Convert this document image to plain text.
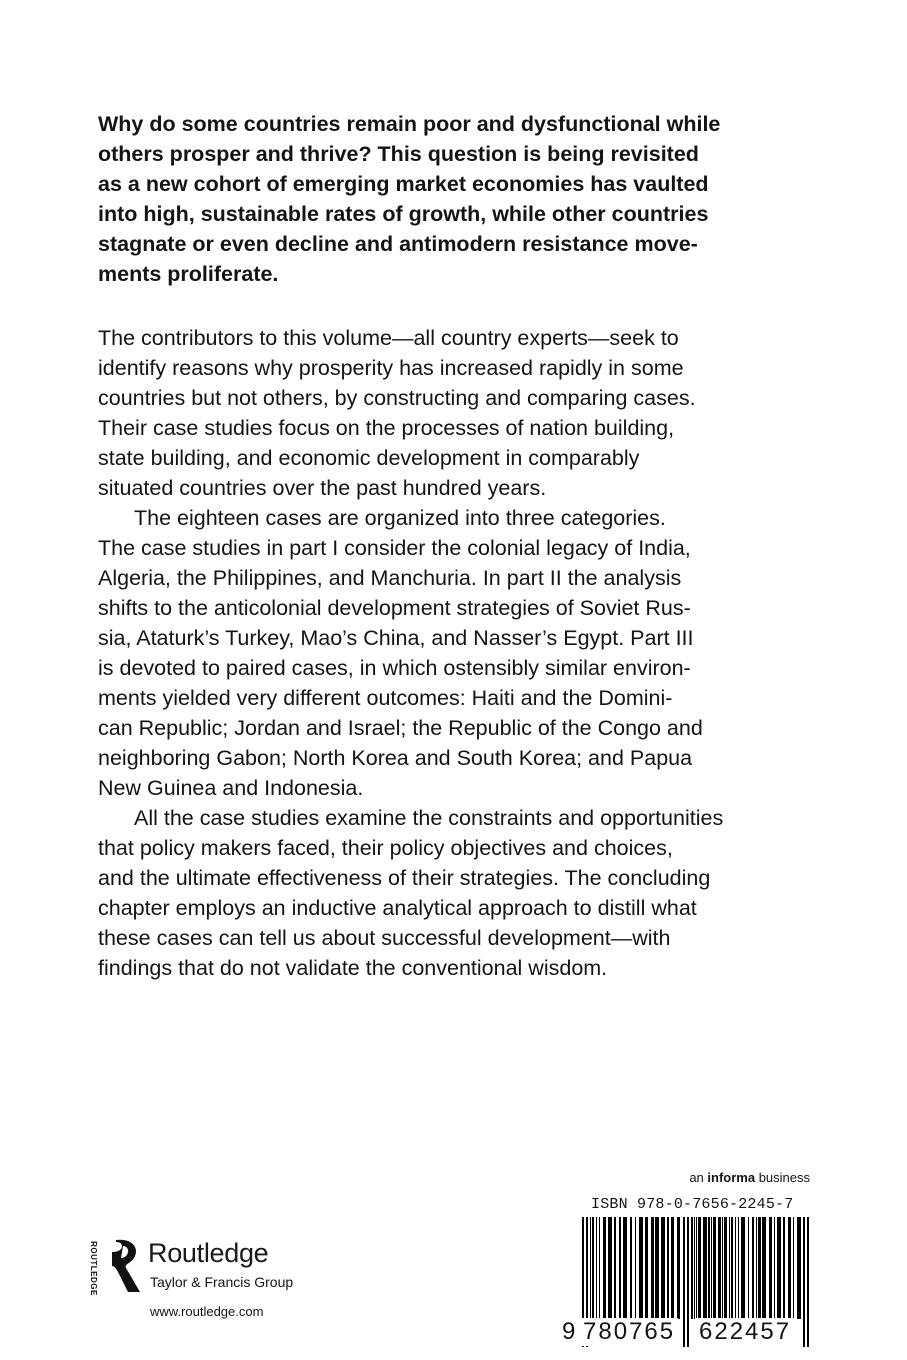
Why do some countries remain poor and dysfunctional while
others prosper and thrive? This question is being revisited
as a new cohort of emerging market economies has vaulted
into high, sustainable rates of growth, while other countries
stagnate or even decline and antimodern resistance move-
ments proliferate.

The contributors to this volume—all country experts—seek to
identify reasons why prosperity has increased rapidly in some
countries but not others, by constructing and comparing cases.
Their case studies focus on the processes of nation building,
state building, and economic development in comparably
situated countries over the past hundred years.

The eighteen cases are organized into three categories.
The case studies in part I consider the colonial legacy of India,
Algeria, the Philippines, and Manchuria. In part II the analysis
shifts to the anticolonial development strategies of Soviet Rus-
sia, Ataturk’s Turkey, Mao’s China, and Nasser’s Egypt. Part III
is devoted to paired cases, in which ostensibly similar environ-
ments yielded very different outcomes: Haiti and the Domini-
can Republic; Jordan and Israel; the Republic of the Congo and
neighboring Gabon; North Korea and South Korea; and Papua
New Guinea and Indonesia.

All the case studies examine the constraints and opportunities
that policy makers faced, their policy objectives and choices,
and the ultimate effectiveness of their strategies. The concluding
chapter employs an inductive analytical approach to distill what
these cases can tell us about successful development—with
findings that do not validate the conventional wisdom.

an informa business
ISBN 978-0-7656-2245-7
9 780765 622457
ROUTLEDGE Routledge
Taylor & Francis Group
www.routledge.com
